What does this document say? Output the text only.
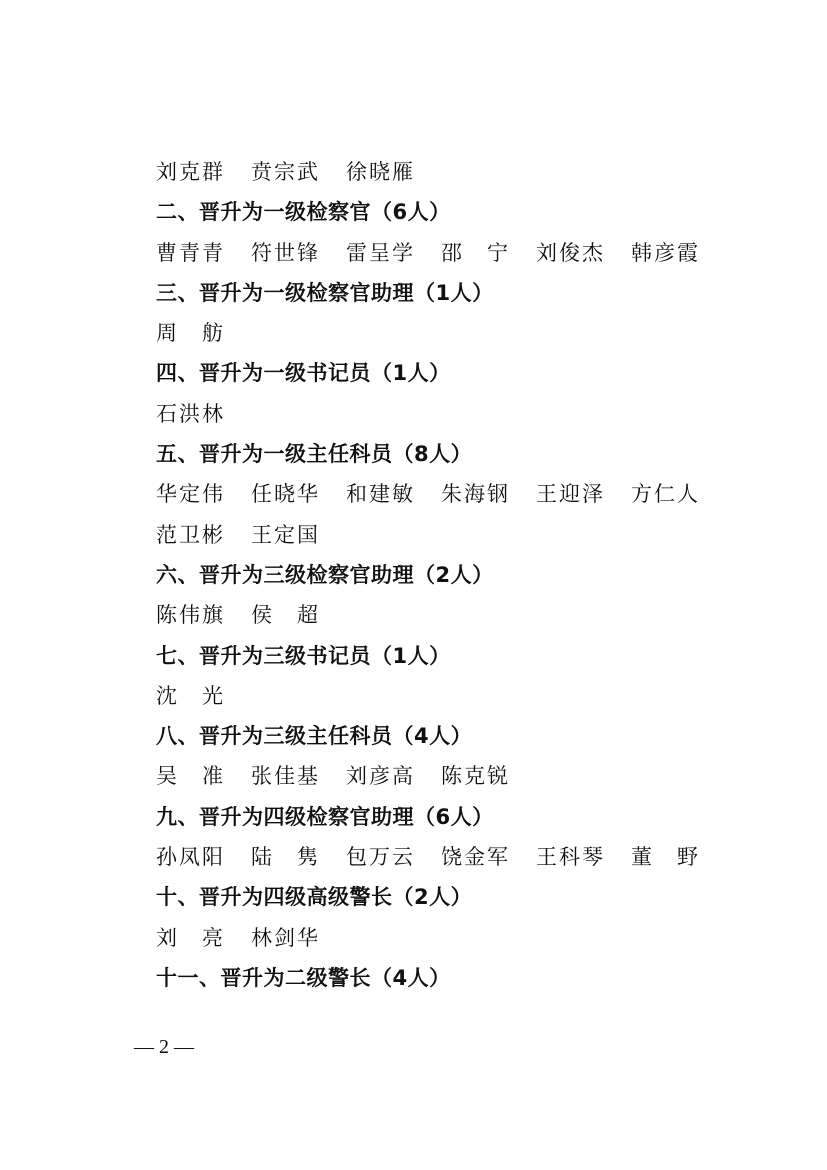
刘克群 贲宗武 徐晓雁
二、晋升为一级检察官（6人）
曹青青 符世锋 雷呈学 邵　宁 刘俊杰 韩彦霞
三、晋升为一级检察官助理（1人）
周　舫
四、晋升为一级书记员（1人）
石洪林
五、晋升为一级主任科员（8人）
华定伟 任晓华 和建敏 朱海钢 王迎泽 方仁人
范卫彬 王定国
六、晋升为三级检察官助理（2人）
陈伟旗 侯　超
七、晋升为三级书记员（1人）
沈　光
八、晋升为三级主任科员（4人）
吴　准 张佳基 刘彦高 陈克锐
九、晋升为四级检察官助理（6人）
孙凤阳 陆　隽 包万云 饶金军 王科琴 董　野
十、晋升为四级高级警长（2人）
刘　亮 林剑华
十一、晋升为二级警长（4人）
— 2 —
